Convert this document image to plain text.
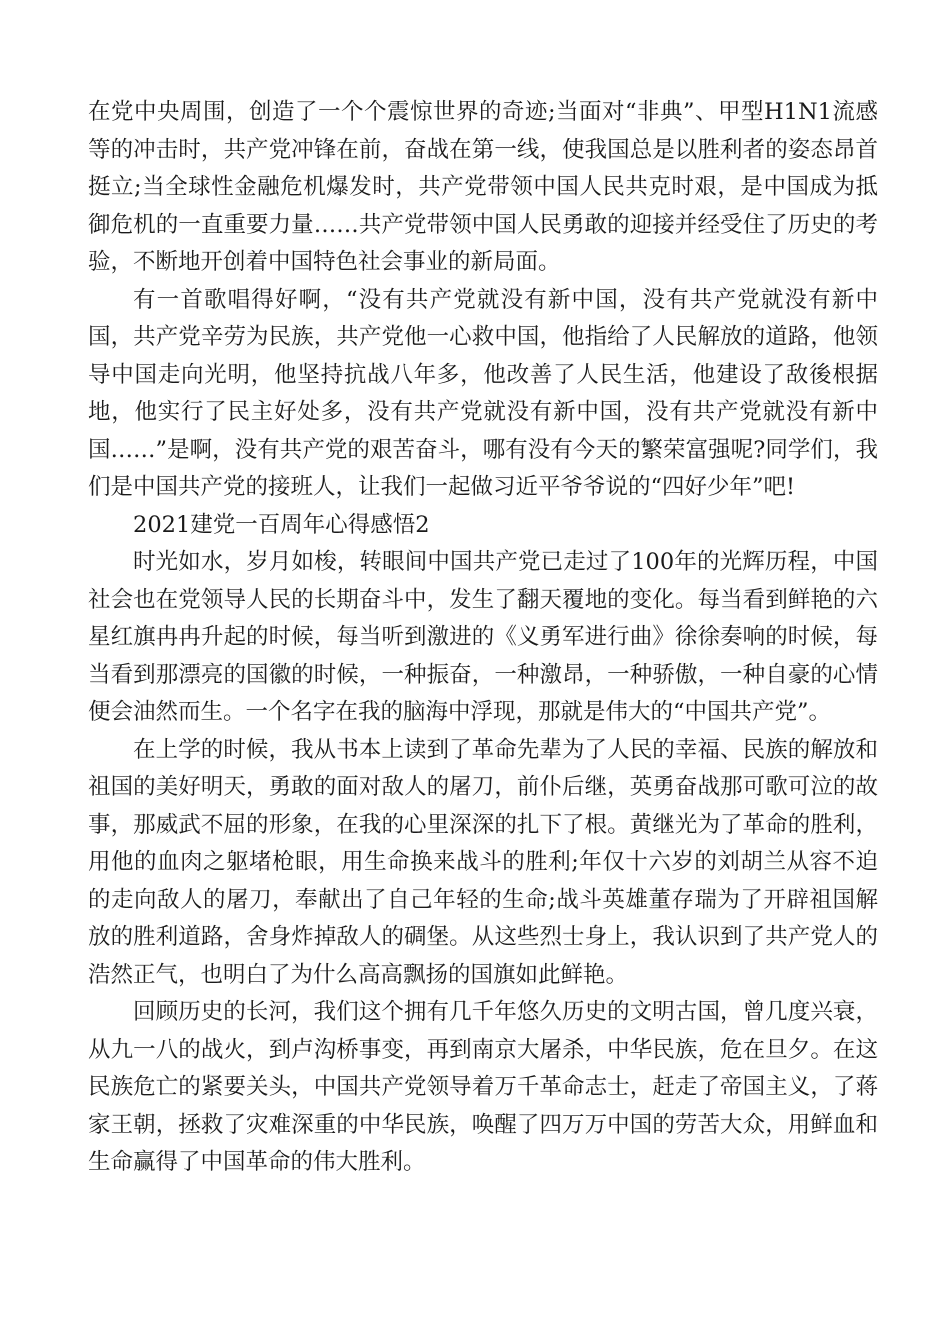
在党中央周围，创造了一个个震惊世界的奇迹;当面对“非典”、甲型H1N1流感等的冲击时，共产党冲锋在前，奋战在第一线，使我国总是以胜利者的姿态昂首挺立;当全球性金融危机爆发时，共产党带领中国人民共克时艰，是中国成为抵御危机的一直重要力量……共产党带领中国人民勇敢的迎接并经受住了历史的考验，不断地开创着中国特色社会事业的新局面。

有一首歌唱得好啊，“没有共产党就没有新中国，没有共产党就没有新中国，共产党辛劳为民族，共产党他一心救中国，他指给了人民解放的道路，他领导中国走向光明，他坚持抗战八年多，他改善了人民生活，他建设了敌後根据地，他实行了民主好处多，没有共产党就没有新中国，没有共产党就没有新中国……”是啊，没有共产党的艰苦奋斗，哪有没有今天的繁荣富强呢?同学们，我们是中国共产党的接班人，让我们一起做习近平爷爷说的“四好少年”吧!

2021建党一百周年心得感悟2

时光如水，岁月如梭，转眼间中国共产党已走过了100年的光辉历程，中国社会也在党领导人民的长期奋斗中，发生了翻天覆地的变化。每当看到鲜艳的六星红旗冉冉升起的时候，每当听到激进的《义勇军进行曲》徐徐奏响的时候，每当看到那漂亮的国徽的时候，一种振奋，一种激昂，一种骄傲，一种自豪的心情便会油然而生。一个名字在我的脑海中浮现，那就是伟大的“中国共产党”。

在上学的时候，我从书本上读到了革命先辈为了人民的幸福、民族的解放和祖国的美好明天，勇敢的面对敌人的屠刀，前仆后继，英勇奋战那可歌可泣的故事，那威武不屈的形象，在我的心里深深的扎下了根。黄继光为了革命的胜利，用他的血肉之躯堵枪眼，用生命换来战斗的胜利;年仅十六岁的刘胡兰从容不迫的走向敌人的屠刀，奉献出了自己年轻的生命;战斗英雄董存瑞为了开辟祖国解放的胜利道路，舍身炸掉敌人的碉堡。从这些烈士身上，我认识到了共产党人的浩然正气，也明白了为什么高高飘扬的国旗如此鲜艳。

回顾历史的长河，我们这个拥有几千年悠久历史的文明古国，曾几度兴衰，从九一八的战火，到卢沟桥事变，再到南京大屠杀，中华民族，危在旦夕。在这民族危亡的紧要关头，中国共产党领导着万千革命志士，赶走了帝国主义，了蒋家王朝，拯救了灾难深重的中华民族，唤醒了四万万中国的劳苦大众，用鲜血和生命赢得了中国革命的伟大胜利。
